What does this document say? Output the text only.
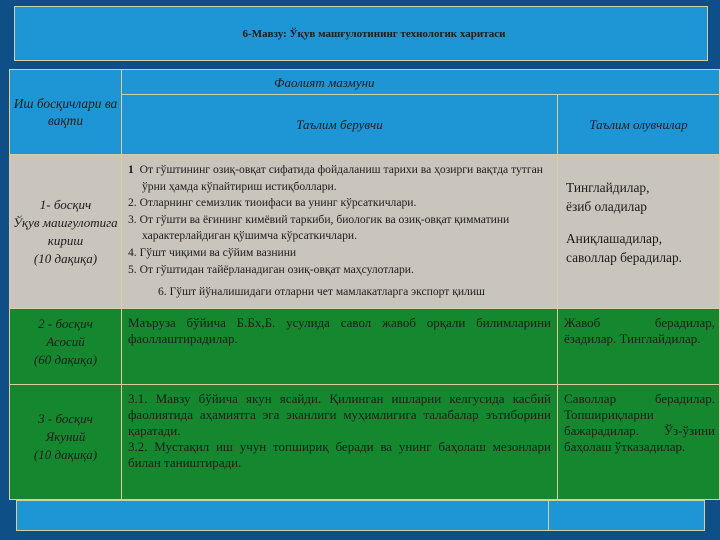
6-Мавзу: Ўқув машғулотининг технологик харитаси
Иш босқичлари ва вақти
Фаолият мазмуни
Таълим берувчи	Таълим олувчилар
1- босқич
Ўқув машғулотига кириш
(10 дақиқа)
1 От гўштининг озиқ-овқат сифатида фойдаланиш тарихи ва ҳозирги вақтда тутган ўрни ҳамда кўпайтириш истиқболлари.
2. Отларнинг семизлик тиоифаси ва унинг кўрсаткичлари.
3. От гўшти ва ёғининг кимёвий таркиби, биологик ва озиқ-овқат қимматини характерлайдиган қўшимча кўрсаткичлари.
4. Гўшт чиқими ва сўйим вазнини
5. От гўштидан тайёрланадиган озиқ-овқат маҳсулотлари.
6. Гўшт йўналишидаги отларни чет мамлакатларга экспорт қилиш
Тинглайдилар,
ёзиб оладилар
Аниқлашадилар,
саволлар берадилар.
2 - босқич
Асосий
(60 дақиқа)

Маъруза бўйича Б.Бх,Б. усулида савол жавоб орқали билимларини фаоллаштирадилар.

Жавоб берадилар, ёзадилар. Тинглайдилар.
3 - босқич
Якуний
(10 дақиқа)

3.1. Мавзу бўйича якун ясайди. Қилинган ишларни келгусида касбий фаолиятида аҳамиятга эга эканлиги муҳимлигига талабалар эътиборини қаратади.

3.2. Мустақил иш учун топшириқ беради ва унинг баҳолаш мезонлари билан таништиради.

Саволлар берадилар. Топшириқларни бажарадилар. Ўз-ўзини баҳолаш ўтказадилар.
